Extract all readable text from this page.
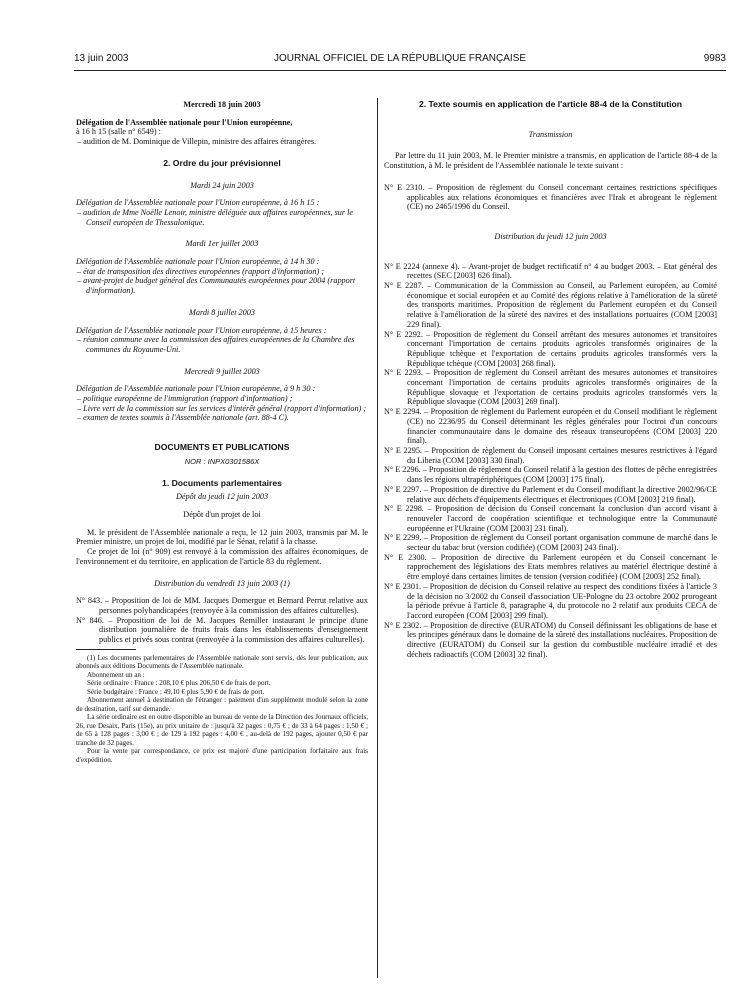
13 juin 2003	JOURNAL OFFICIEL DE LA RÉPUBLIQUE FRANÇAISE	9983

Mercredi 18 juin 2003

Délégation de l'Assemblée nationale pour l'Union européenne,

à 16 h 15 (salle n° 6549) :

– audition de M. Dominique de Villepin, ministre des affaires étrangères.

2. Ordre du jour prévisionnel

Mardi 24 juin 2003

Délégation de l'Assemblée nationale pour l'Union européenne, à 16 h 15 :

– audition de Mme Noëlle Lenoir, ministre déléguée aux affaires européennes, sur le Conseil européen de Thessalonique.

Mardi 1er juillet 2003

Délégation de l'Assemblée nationale pour l'Union européenne, à 14 h 30 :

– état de transposition des directives européennes (rapport d'information) ;

– avant-projet de budget général des Communautés européennes pour 2004 (rapport d'information).

Mardi 8 juillet 2003

Délégation de l'Assemblée nationale pour l'Union européenne, à 15 heures :

– réunion commune avec la commission des affaires européennes de la Chambre des communes du Royaume-Uni.

Mercredi 9 juillet 2003

Délégation de l'Assemblée nationale pour l'Union européenne, à 9 h 30 :

– politique européenne de l'immigration (rapport d'information) ;

– Livre vert de la commission sur les services d'intérêt général (rapport d'information) ;

– examen de textes soumis à l'Assemblée nationale (art. 88-4 C).

DOCUMENTS ET PUBLICATIONS

NOR : INPX0301586X

1. Documents parlementaires

Dépôt du jeudi 12 juin 2003

Dépôt d'un projet de loi

M. le président de l'Assemblée nationale a reçu, le 12 juin 2003, transmis par M. le Premier ministre, un projet de loi, modifié par le Sénat, relatif à la chasse.

Ce projet de loi (n° 909) est renvoyé à la commission des affaires économiques, de l'environnement et du territoire, en application de l'article 83 du règlement.

Distribution du vendredi 13 juin 2003 (1)

N° 843. – Proposition de loi de MM. Jacques Domergue et Bernard Perrut relative aux personnes polyhandicapées (renvoyée à la commission des affaires culturelles).

N° 846. – Proposition de loi de M. Jacques Remiller instaurant le principe d'une distribution journalière de fruits frais dans les établissements d'enseignement publics et privés sous contrat (renvoyée à la commission des affaires culturelles).

(1) Les documents parlementaires de l'Assemblée nationale sont servis, dès leur publication, aux abonnés aux éditions Documents de l'Assemblée nationale.

Abonnement un an :

Série ordinaire : France : 208,10 € plus 206,50 € de frais de port.

Série budgétaire : France : 49,10 € plus 5,90 € de frais de port.

Abonnement annuel à destination de l'étranger : paiement d'un supplément modulé selon la zone de destination, tarif sur demande.

La série ordinaire est en outre disponible au bureau de vente de la Direction des Journaux officiels, 26, rue Desaix, Paris (15e), au prix unitaire de : jusqu'à 32 pages : 0,75 € ; de 33 à 64 pages : 1,50 € ; de 65 à 128 pages : 3,00 € ; de 129 à 192 pages : 4,00 € , au-delà de 192 pages, ajouter 0,50 € par tranche de 32 pages.

Pour la vente par correspondance, ce prix est majoré d'une participation forfaitaire aux frais d'expédition.

2. Texte soumis en application de l'article 88-4 de la Constitution

Transmission

Par lettre du 11 juin 2003, M. le Premier ministre a transmis, en application de l'article 88-4 de la Constitution, à M. le président de l'Assemblée nationale le texte suivant :

N° E 2310. – Proposition de règlement du Conseil concernant certaines restrictions spécifiques applicables aux relations économiques et financières avec l'Irak et abrogeant le règlement (CE) no 2465/1996 du Conseil.

Distribution du jeudi 12 juin 2003

N° E 2224 (annexe 4). – Avant-projet de budget rectificatif n° 4 au budget 2003. – Etat général des recettes (SEC [2003] 626 final).

N° E 2287. – Communication de la Commission au Conseil, au Parlement européen, au Comité économique et social européen et au Comité des régions relative à l'amélioration de la sûreté des transports maritimes. Proposition de règlement du Parlement européen et du Conseil relative à l'amélioration de la sûreté des navires et des installations portuaires (COM [2003] 229 final).

N° E 2292. – Proposition de règlement du Conseil arrêtant des mesures autonomes et transitoires concernant l'importation de certains produits agricoles transformés originaires de la République tchèque et l'exportation de certains produits agricoles transformés vers la République tchèque (COM [2003] 268 final).

N° E 2293. – Proposition de règlement du Conseil arrêtant des mesures autonomes et transitoires concernant l'importation de certains produits agricoles transformés originaires de la République slovaque et l'exportation de certains produits agricoles transformés vers la République slovaque (COM [2003] 269 final).

N° E 2294. – Proposition de règlement du Parlement européen et du Conseil modifiant le règlement (CE) no 2236/95 du Conseil déterminant les règles générales pour l'octroi d'un concours financier communautaire dans le domaine des réseaux transeuropéens (COM [2003] 220 final).

N° E 2295. – Proposition de règlement du Conseil imposant certaines mesures restrictives à l'égard du Liberia (COM [2003] 330 final).

N° E 2296. – Proposition de règlement du Conseil relatif à la gestion des flottes de pêche enregistrées dans les régions ultrapériphériques (COM [2003] 175 final).

N° E 2297. – Proposition de directive du Parlement et du Conseil modifiant la directive 2002/96/CE relative aux déchets d'équipements électriques et électroniques (COM [2003] 219 final).

N° E 2298. – Proposition de décision du Conseil concernant la conclusion d'un accord visant à renouveler l'accord de coopération scientifique et technologique entre la Communauté européenne et l'Ukraine (COM [2003] 231 final).

N° E 2299. – Proposition de règlement du Conseil portant organisation commune de marché dans le secteur du tabac brut (version codifiée) (COM [2003] 243 final).

N° E 2300. – Proposition de directive du Parlement européen et du Conseil concernant le rapprochement des législations des Etats membres relatives au matériel électrique destiné à être employé dans certaines limites de tension (version codifiée) (COM [2003] 252 final).

N° E 2301. – Proposition de décision du Conseil relative au respect des conditions fixées à l'article 3 de la décision no 3/2002 du Conseil d'association UE-Pologne du 23 octobre 2002 prorogeant la période prévue à l'article 8, paragraphe 4, du protocole no 2 relatif aux produits CECA de l'accord européen (COM [2003] 299 final).

N° E 2302. – Proposition de directive (EURATOM) du Conseil définissant les obligations de base et les principes généraux dans le domaine de la sûreté des installations nucléaires. Proposition de directive (EURATOM) du Conseil sur la gestion du combustible nucléaire irradié et des déchets radioactifs (COM [2003] 32 final).
